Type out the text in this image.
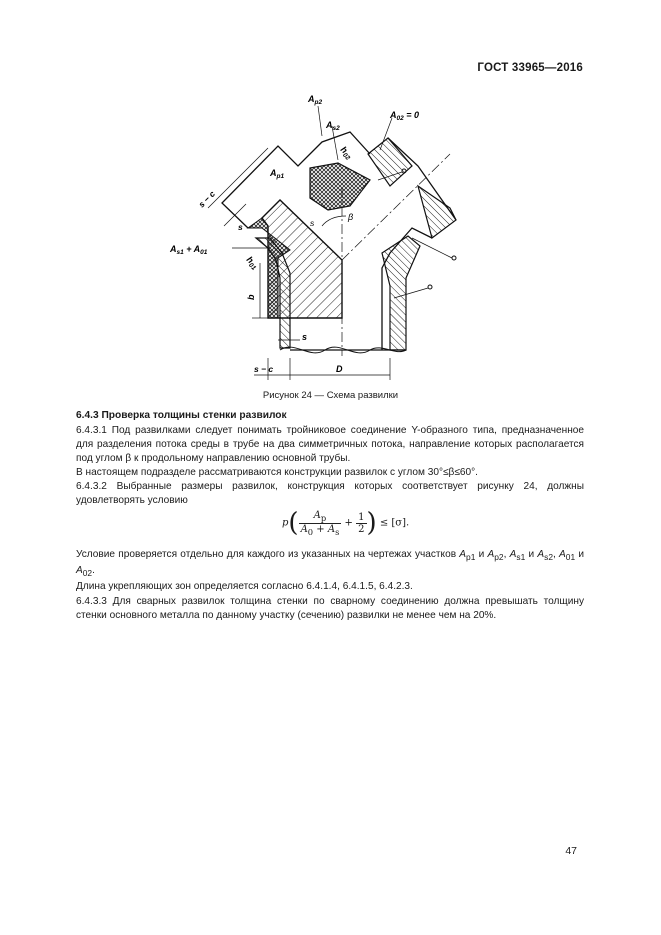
ГОСТ 33965—2016
$A_{p2}$
$A_{s2}$
$A_{02} = 0$
$A_{p1}$
$h_{02}$
s − c
s	s
β
$A_{s1} + A_{01}$
$h_{01}$
b
s
s − c	D
Рисунок 24 — Схема развилки
6.4.3 Проверка толщины стенки развилок

6.4.3.1 Под развилками следует понимать тройниковое соединение Y-образного типа, предназначенное для разделения потока среды в трубе на два симметричных потока, направление которых располагается под углом β к продольному направлению основной трубы.

В настоящем подразделе рассматриваются конструкции развилок с углом 30°≤β≤60°.

6.4.3.2 Выбранные размеры развилок, конструкция которых соответствует рисунку 24, должны удовлетворять условию

$p( \frac{A_p}{A_0 + A_s} + \frac{1}{2}$ ) ≤ [σ].

Условие проверяется отдельно для каждого из указанных на чертежах участков $A_{p1}$ и $A_{p2}$, $A_{s1}$ и $A_{s2}$, $A_{01}$ и $A_{02}$.

Длина укрепляющих зон определяется согласно 6.4.1.4, 6.4.1.5, 6.4.2.3.

6.4.3.3 Для сварных развилок толщина стенки по сварному соединению должна превышать толщину стенки основного металла по данному участку (сечению) развилки не менее чем на 20%.

47
